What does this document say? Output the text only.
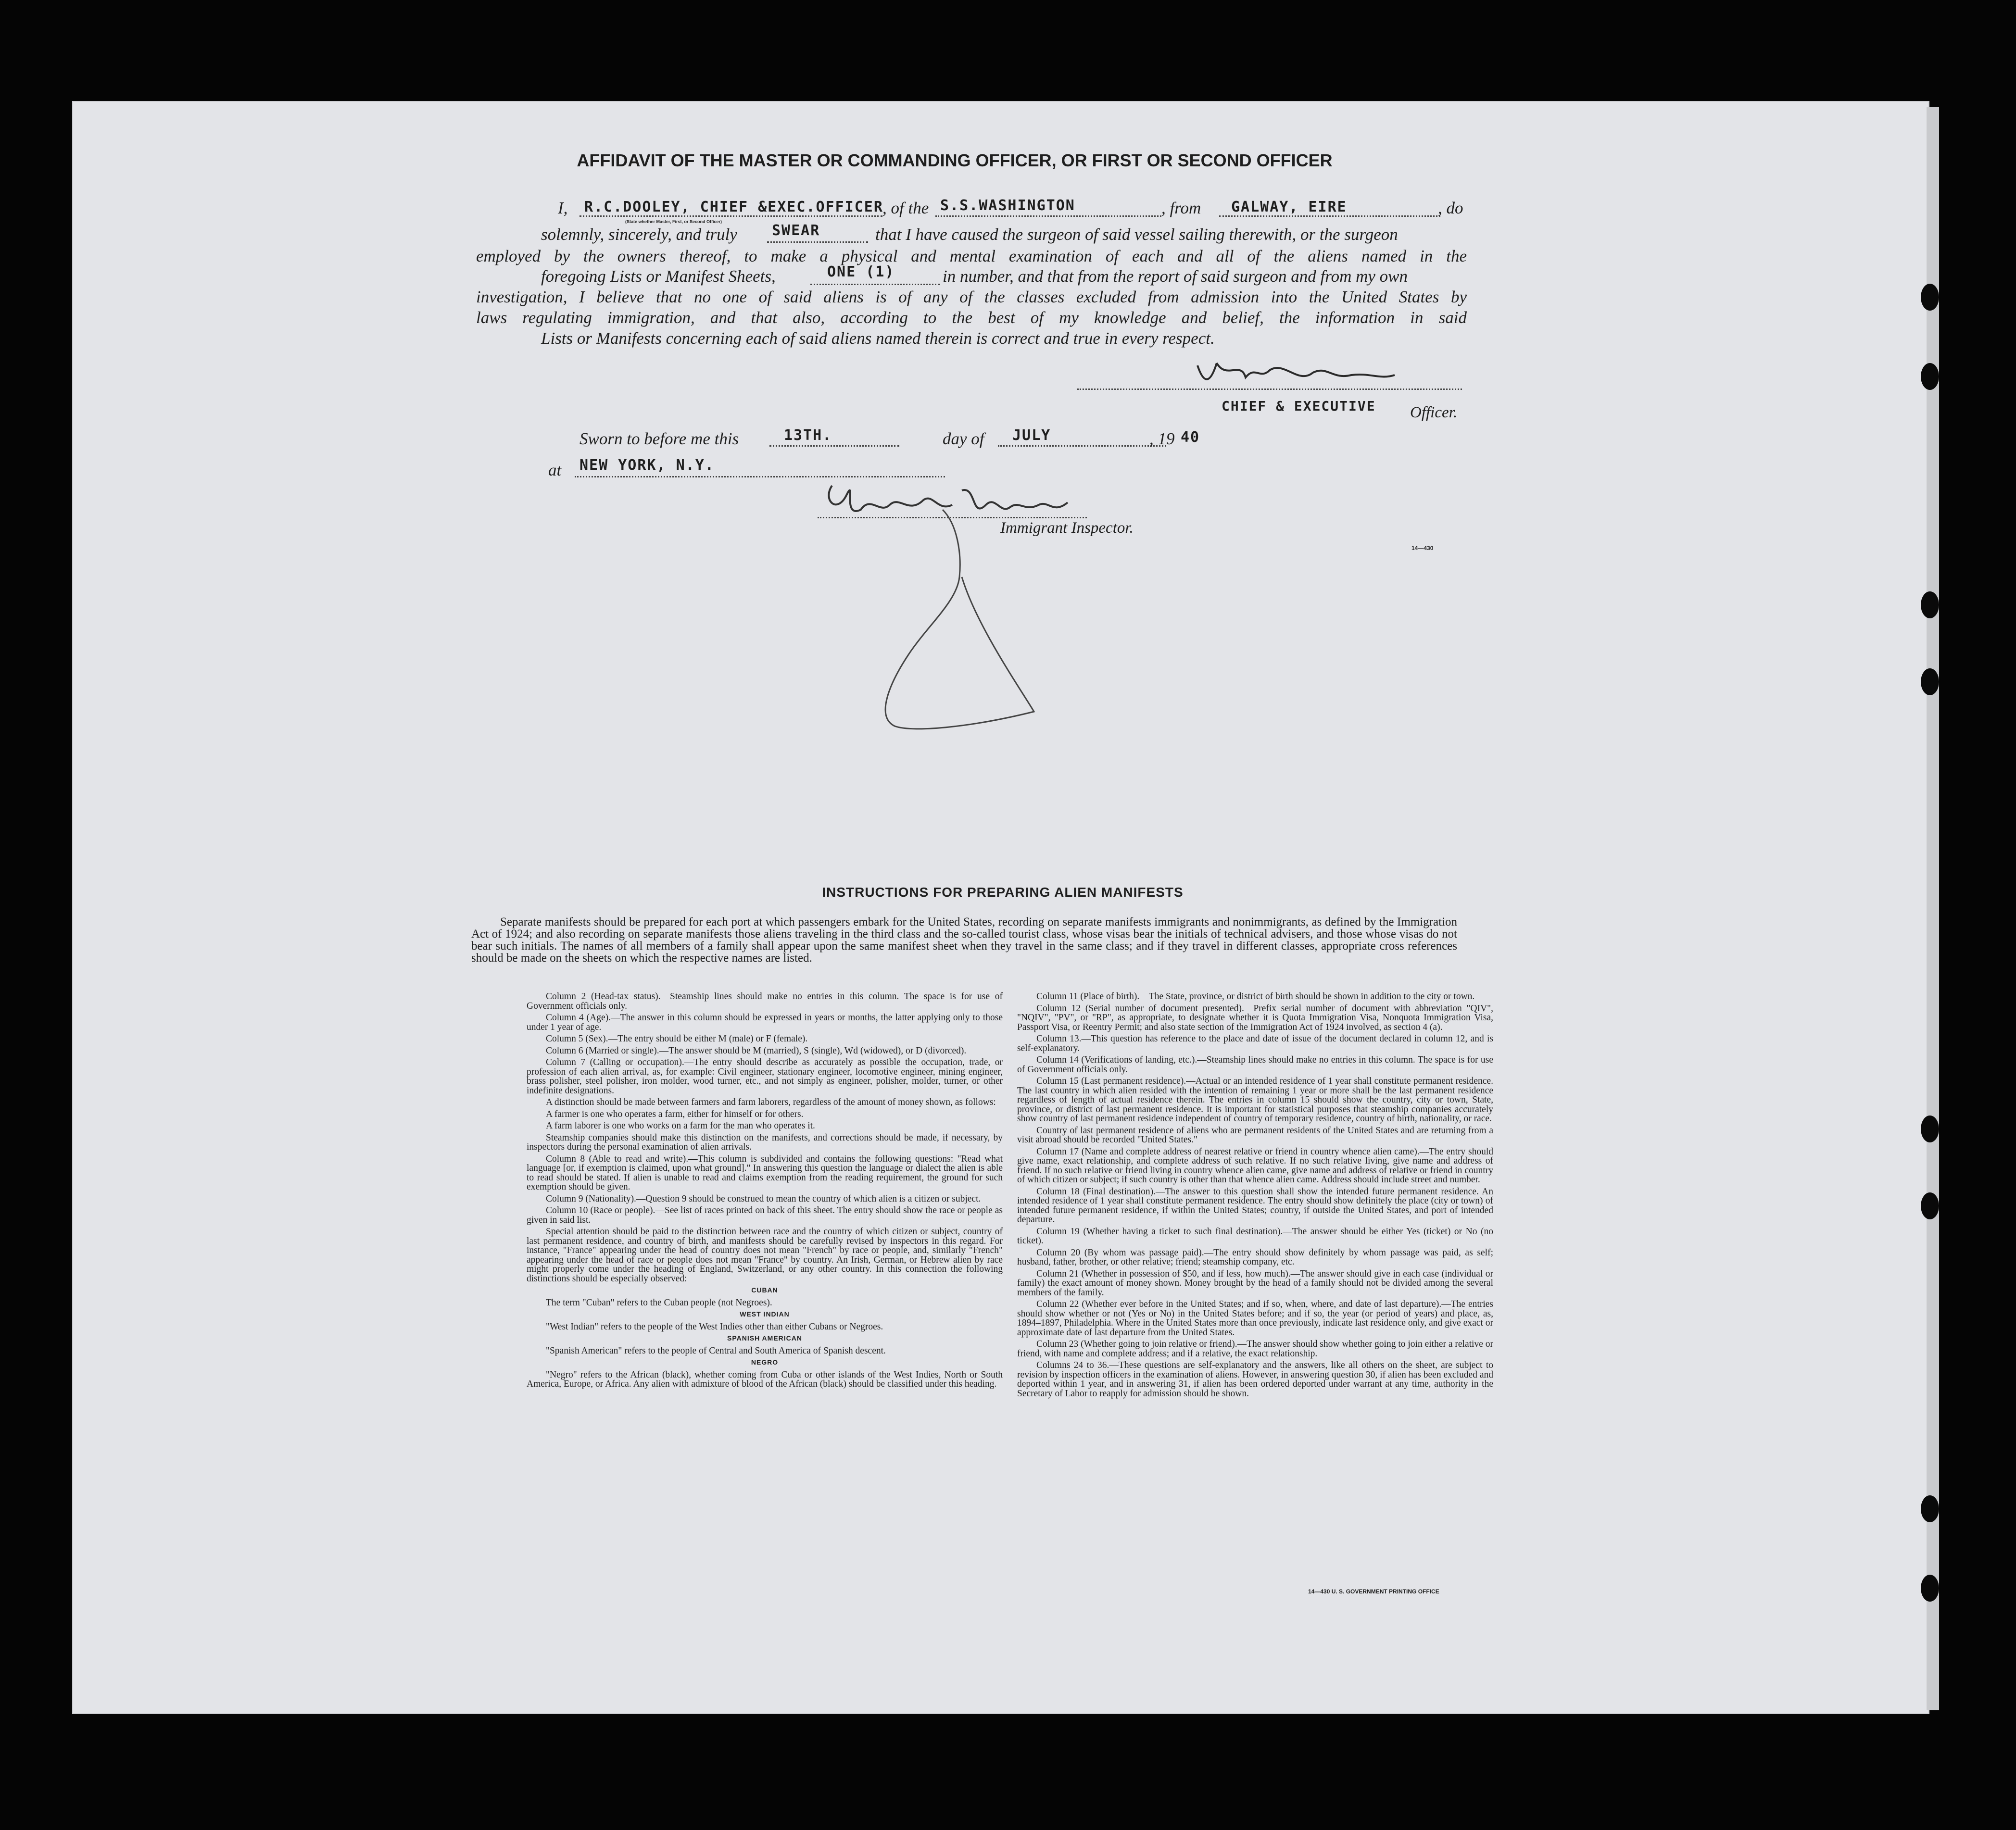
AFFIDAVIT OF THE MASTER OR COMMANDING OFFICER, OR FIRST OR SECOND OFFICER
I, R.C.DOOLEY, CHIEF &EXEC.OFFICER
(State whether Master, First, or Second Officer)
, of the S.S.WASHINGTON	, from GALWAY, EIRE	, do
solemnly, sincerely, and truly SWEAR	that I have caused the surgeon of said vessel sailing therewith, or the surgeon
employed by the owners thereof, to make a physical and mental examination of each and all of the aliens named in the
foregoing Lists or Manifest Sheets,	ONE (1)	in number, and that from the report of said surgeon and from my own
investigation, I believe that no one of said aliens is of any of the classes excluded from admission into the United States by
laws regulating immigration, and that also, according to the best of my knowledge and belief, the information in said
Lists or Manifests concerning each of said aliens named therein is correct and true in every respect.
CHIEF & EXECUTIVE Officer.
Sworn to before me this	13TH.	day of JULY	, 19 40
at NEW YORK, N.Y.
Immigrant Inspector.
14—430
INSTRUCTIONS FOR PREPARING ALIEN MANIFESTS
Separate manifests should be prepared for each port at which passengers embark for the United States, recording on separate manifests immigrants and nonimmigrants, as defined by the Immigration Act of 1924; and also recording on separate manifests those aliens traveling in the third class and the so-called tourist class, whose visas bear the initials of technical advisers, and those whose visas do not bear such initials. The names of all members of a family shall appear upon the same manifest sheet when they travel in the same class; and if they travel in different classes, appropriate cross references should be made on the sheets on which the respective names are listed.

Column 2 (Head-tax status).—Steamship lines should make no entries in this column. The space is for use of Government officials only.

Column 4 (Age).—The answer in this column should be expressed in years or months, the latter applying only to those under 1 year of age.

Column 5 (Sex).—The entry should be either M (male) or F (female).

Column 6 (Married or single).—The answer should be M (married), S (single), Wd (widowed), or D (divorced).

Column 7 (Calling or occupation).—The entry should describe as accurately as possible the occupation, trade, or profession of each alien arrival, as, for example: Civil engineer, stationary engineer, locomotive engineer, mining engineer, brass polisher, steel polisher, iron molder, wood turner, etc., and not simply as engineer, polisher, molder, turner, or other indefinite designations.

A distinction should be made between farmers and farm laborers, regardless of the amount of money shown, as follows:

A farmer is one who operates a farm, either for himself or for others.

A farm laborer is one who works on a farm for the man who operates it.

Steamship companies should make this distinction on the manifests, and corrections should be made, if necessary, by inspectors during the personal examination of alien arrivals.

Column 8 (Able to read and write).—This column is subdivided and contains the following questions: "Read what language [or, if exemption is claimed, upon what ground]." In answering this question the language or dialect the alien is able to read should be stated. If alien is unable to read and claims exemption from the reading requirement, the ground for such exemption should be given.

Column 9 (Nationality).—Question 9 should be construed to mean the country of which alien is a citizen or subject.

Column 10 (Race or people).—See list of races printed on back of this sheet. The entry should show the race or people as given in said list.

Special attention should be paid to the distinction between race and the country of which citizen or subject, country of last permanent residence, and country of birth, and manifests should be carefully revised by inspectors in this regard. For instance, "France" appearing under the head of country does not mean "French" by race or people, and, similarly "French" appearing under the head of race or people does not mean "France" by country. An Irish, German, or Hebrew alien by race might properly come under the heading of England, Switzerland, or any other country. In this connection the following distinctions should be especially observed:

CUBAN

The term "Cuban" refers to the Cuban people (not Negroes).

WEST INDIAN

"West Indian" refers to the people of the West Indies other than either Cubans or Negroes.

SPANISH AMERICAN

"Spanish American" refers to the people of Central and South America of Spanish descent.

NEGRO

"Negro" refers to the African (black), whether coming from Cuba or other islands of the West Indies, North or South America, Europe, or Africa. Any alien with admixture of blood of the African (black) should be classified under this heading.

Column 11 (Place of birth).—The State, province, or district of birth should be shown in addition to the city or town.

Column 12 (Serial number of document presented).—Prefix serial number of document with abbreviation "QIV", "NQIV", "PV", or "RP", as appropriate, to designate whether it is Quota Immigration Visa, Nonquota Immigration Visa, Passport Visa, or Reentry Permit; and also state section of the Immigration Act of 1924 involved, as section 4 (a).

Column 13.—This question has reference to the place and date of issue of the document declared in column 12, and is self-explanatory.

Column 14 (Verifications of landing, etc.).—Steamship lines should make no entries in this column. The space is for use of Government officials only.

Column 15 (Last permanent residence).—Actual or an intended residence of 1 year shall constitute permanent residence. The last country in which alien resided with the intention of remaining 1 year or more shall be the last permanent residence regardless of length of actual residence therein. The entries in column 15 should show the country, city or town, State, province, or district of last permanent residence. It is important for statistical purposes that steamship companies accurately show country of last permanent residence independent of country of temporary residence, country of birth, nationality, or race.

Country of last permanent residence of aliens who are permanent residents of the United States and are returning from a visit abroad should be recorded "United States."

Column 17 (Name and complete address of nearest relative or friend in country whence alien came).—The entry should give name, exact relationship, and complete address of such relative. If no such relative living, give name and address of friend. If no such relative or friend living in country whence alien came, give name and address of relative or friend in country of which citizen or subject; if such country is other than that whence alien came. Address should include street and number.

Column 18 (Final destination).—The answer to this question shall show the intended future permanent residence. An intended residence of 1 year shall constitute permanent residence. The entry should show definitely the place (city or town) of intended future permanent residence, if within the United States; country, if outside the United States, and port of intended departure.

Column 19 (Whether having a ticket to such final destination).—The answer should be either Yes (ticket) or No (no ticket).

Column 20 (By whom was passage paid).—The entry should show definitely by whom passage was paid, as self; husband, father, brother, or other relative; friend; steamship company, etc.

Column 21 (Whether in possession of $50, and if less, how much).—The answer should give in each case (individual or family) the exact amount of money shown. Money brought by the head of a family should not be divided among the several members of the family.

Column 22 (Whether ever before in the United States; and if so, when, where, and date of last departure).—The entries should show whether or not (Yes or No) in the United States before; and if so, the year (or period of years) and place, as, 1894–1897, Philadelphia. Where in the United States more than once previously, indicate last residence only, and give exact or approximate date of last departure from the United States.

Column 23 (Whether going to join relative or friend).—The answer should show whether going to join either a relative or friend, with name and complete address; and if a relative, the exact relationship.

Columns 24 to 36.—These questions are self-explanatory and the answers, like all others on the sheet, are subject to revision by inspection officers in the examination of aliens. However, in answering question 30, if alien has been excluded and deported within 1 year, and in answering 31, if alien has been ordered deported under warrant at any time, authority in the Secretary of Labor to reapply for admission should be shown.

14—430 U. S. GOVERNMENT PRINTING OFFICE
